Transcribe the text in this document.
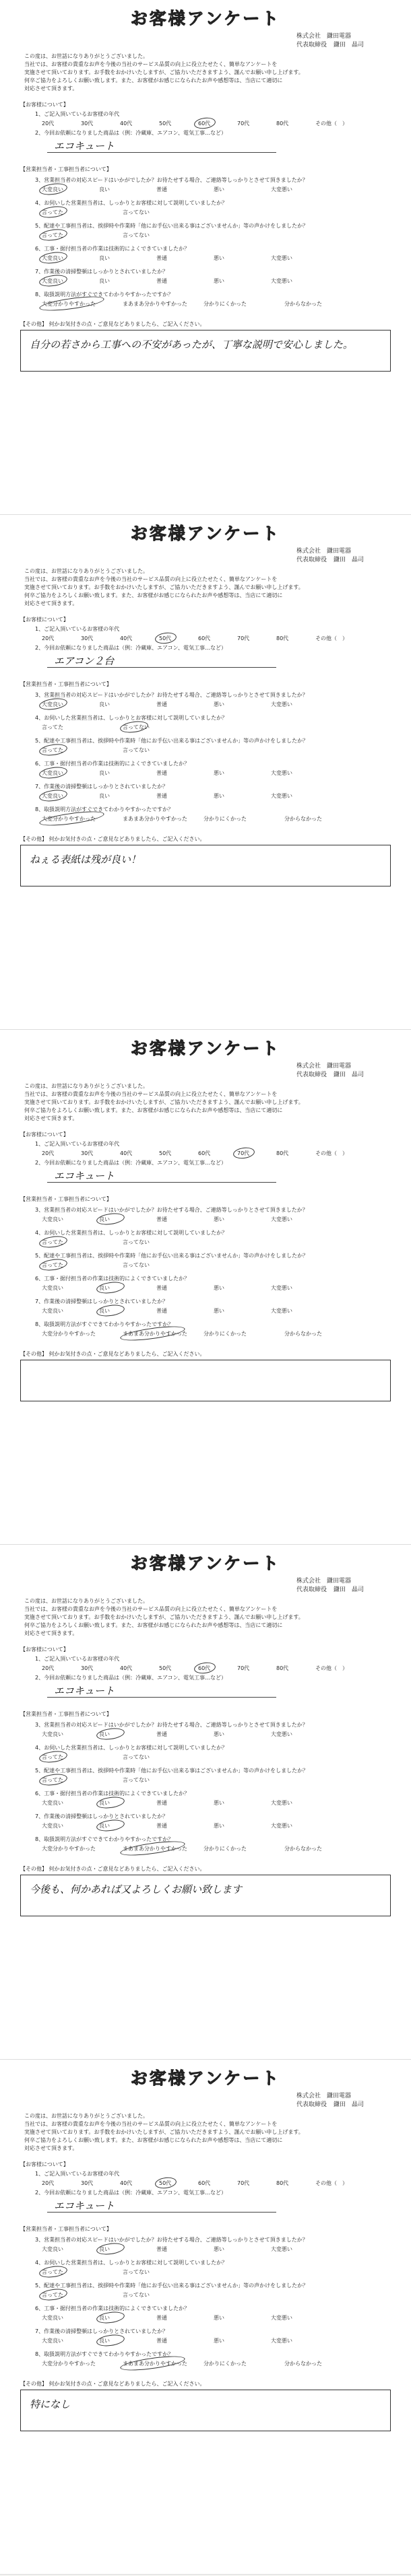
お客様アンケート
株式会社　鎌田電器
代表取締役 鎌田　晶司
この度は、お世話になりありがとうございました。
当社では、お客様の貴重なお声を今後の当社のサービス品質の向上に役立たせたく、簡単なアンケートを
実施させて頂いております。お手数をおかけいたしますが、ご協力いただきますよう、謹んでお願い申し上げます。
何卒ご協力をよろしくお願い致します。また、お客様がお感じになられたお声や感想等は、当店にて適切に
対応させて頂きます。
【お客様について】
1、ご記入頂いているお客様の年代
20代	30代	40代	50代	60代	70代	80代	その他（　）
2、今回お依頼になりました商品は（例：冷蔵庫、エアコン、電気工事…など）
エコキュート
【営業担当者・工事担当者について】
3、営業担当者の対応スピードはいかがでしたか？お待たせする場合、ご連絡等しっかりとさせて頂きましたか？
大変良い	良い	普通	悪い	大変悪い
4、お伺いした営業担当者は、しっかりとお客様に対して説明していましたか？
言ってた	言ってない
5、配達や工事担当者は、挨拶時や作業時「他にお手伝い出来る事はございませんか」等の声かけをしましたか？
言ってた	言ってない
6、工事・据付担当者の作業は技術的によくできていましたか？
大変良い	良い	普通	悪い	大変悪い
7、作業後の清掃整頓はしっかりとされていましたか？
大変良い	良い	普通	悪い	大変悪い
8、取扱説明方法がすぐできてわかりやすかったですか？
大変分かりやすかった	まあまあ分かりやすかった	分かりにくかった	分からなかった
【その他】 何かお気付きの点・ご意見などありましたら、ご記入ください。
自分の若さから工事への不安があったが、丁寧な説明で安心しました。
お客様アンケート
株式会社　鎌田電器
代表取締役 鎌田　晶司
この度は、お世話になりありがとうございました。
当社では、お客様の貴重なお声を今後の当社のサービス品質の向上に役立たせたく、簡単なアンケートを
実施させて頂いております。お手数をおかけいたしますが、ご協力いただきますよう、謹んでお願い申し上げます。
何卒ご協力をよろしくお願い致します。また、お客様がお感じになられたお声や感想等は、当店にて適切に
対応させて頂きます。
【お客様について】
1、ご記入頂いているお客様の年代
20代	30代	40代	50代	60代	70代	80代	その他（　）
2、今回お依頼になりました商品は（例：冷蔵庫、エアコン、電気工事…など）
エアコン２台
【営業担当者・工事担当者について】
3、営業担当者の対応スピードはいかがでしたか？お待たせする場合、ご連絡等しっかりとさせて頂きましたか？
大変良い	良い	普通	悪い	大変悪い
4、お伺いした営業担当者は、しっかりとお客様に対して説明していましたか？
言ってた	言ってない
5、配達や工事担当者は、挨拶時や作業時「他にお手伝い出来る事はございませんか」等の声かけをしましたか？
言ってた	言ってない
6、工事・据付担当者の作業は技術的によくできていましたか？
大変良い	良い	普通	悪い	大変悪い
7、作業後の清掃整頓はしっかりとされていましたか？
大変良い	良い	普通	悪い	大変悪い
8、取扱説明方法がすぐできてわかりやすかったですか？
大変分かりやすかった	まあまあ分かりやすかった	分かりにくかった	分からなかった
【その他】 何かお気付きの点・ご意見などありましたら、ご記入ください。
ねぇる表紙は残が良い！
お客様アンケート
株式会社　鎌田電器
代表取締役 鎌田　晶司
この度は、お世話になりありがとうございました。
当社では、お客様の貴重なお声を今後の当社のサービス品質の向上に役立たせたく、簡単なアンケートを
実施させて頂いております。お手数をおかけいたしますが、ご協力いただきますよう、謹んでお願い申し上げます。
何卒ご協力をよろしくお願い致します。また、お客様がお感じになられたお声や感想等は、当店にて適切に
対応させて頂きます。
【お客様について】
1、ご記入頂いているお客様の年代
20代	30代	40代	50代	60代	70代	80代	その他（　）
2、今回お依頼になりました商品は（例：冷蔵庫、エアコン、電気工事…など）
エコキュート
【営業担当者・工事担当者について】
3、営業担当者の対応スピードはいかがでしたか？お待たせする場合、ご連絡等しっかりとさせて頂きましたか？
大変良い	良い	普通	悪い	大変悪い
4、お伺いした営業担当者は、しっかりとお客様に対して説明していましたか？
言ってた	言ってない
5、配達や工事担当者は、挨拶時や作業時「他にお手伝い出来る事はございませんか」等の声かけをしましたか？
言ってた	言ってない
6、工事・据付担当者の作業は技術的によくできていましたか？
大変良い	良い	普通	悪い	大変悪い
7、作業後の清掃整頓はしっかりとされていましたか？
大変良い	良い	普通	悪い	大変悪い
8、取扱説明方法がすぐできてわかりやすかったですか？
大変分かりやすかった	まあまあ分かりやすかった	分かりにくかった	分からなかった
【その他】 何かお気付きの点・ご意見などありましたら、ご記入ください。
お客様アンケート
株式会社　鎌田電器
代表取締役 鎌田　晶司
この度は、お世話になりありがとうございました。
当社では、お客様の貴重なお声を今後の当社のサービス品質の向上に役立たせたく、簡単なアンケートを
実施させて頂いております。お手数をおかけいたしますが、ご協力いただきますよう、謹んでお願い申し上げます。
何卒ご協力をよろしくお願い致します。また、お客様がお感じになられたお声や感想等は、当店にて適切に
対応させて頂きます。
【お客様について】
1、ご記入頂いているお客様の年代
20代	30代	40代	50代	60代	70代	80代	その他（　）
2、今回お依頼になりました商品は（例：冷蔵庫、エアコン、電気工事…など）
エコキュート
【営業担当者・工事担当者について】
3、営業担当者の対応スピードはいかがでしたか？お待たせする場合、ご連絡等しっかりとさせて頂きましたか？
大変良い	良い	普通	悪い	大変悪い
4、お伺いした営業担当者は、しっかりとお客様に対して説明していましたか？
言ってた	言ってない
5、配達や工事担当者は、挨拶時や作業時「他にお手伝い出来る事はございませんか」等の声かけをしましたか？
言ってた	言ってない
6、工事・据付担当者の作業は技術的によくできていましたか？
大変良い	良い	普通	悪い	大変悪い
7、作業後の清掃整頓はしっかりとされていましたか？
大変良い	良い	普通	悪い	大変悪い
8、取扱説明方法がすぐできてわかりやすかったですか？
大変分かりやすかった	まあまあ分かりやすかった	分かりにくかった	分からなかった
【その他】 何かお気付きの点・ご意見などありましたら、ご記入ください。
今後も、何かあれば又よろしくお願い致します
お客様アンケート
株式会社　鎌田電器
代表取締役 鎌田　晶司
この度は、お世話になりありがとうございました。
当社では、お客様の貴重なお声を今後の当社のサービス品質の向上に役立たせたく、簡単なアンケートを
実施させて頂いております。お手数をおかけいたしますが、ご協力いただきますよう、謹んでお願い申し上げます。
何卒ご協力をよろしくお願い致します。また、お客様がお感じになられたお声や感想等は、当店にて適切に
対応させて頂きます。
【お客様について】
1、ご記入頂いているお客様の年代
20代	30代	40代	50代	60代	70代	80代	その他（　）
2、今回お依頼になりました商品は（例：冷蔵庫、エアコン、電気工事…など）
エコキュート
【営業担当者・工事担当者について】
3、営業担当者の対応スピードはいかがでしたか？お待たせする場合、ご連絡等しっかりとさせて頂きましたか？
大変良い	良い	普通	悪い	大変悪い
4、お伺いした営業担当者は、しっかりとお客様に対して説明していましたか？
言ってた	言ってない
5、配達や工事担当者は、挨拶時や作業時「他にお手伝い出来る事はございませんか」等の声かけをしましたか？
言ってた	言ってない
6、工事・据付担当者の作業は技術的によくできていましたか？
大変良い	良い	普通	悪い	大変悪い
7、作業後の清掃整頓はしっかりとされていましたか？
大変良い	良い	普通	悪い	大変悪い
8、取扱説明方法がすぐできてわかりやすかったですか？
大変分かりやすかった	まあまあ分かりやすかった	分かりにくかった	分からなかった
【その他】 何かお気付きの点・ご意見などありましたら、ご記入ください。
特になし
